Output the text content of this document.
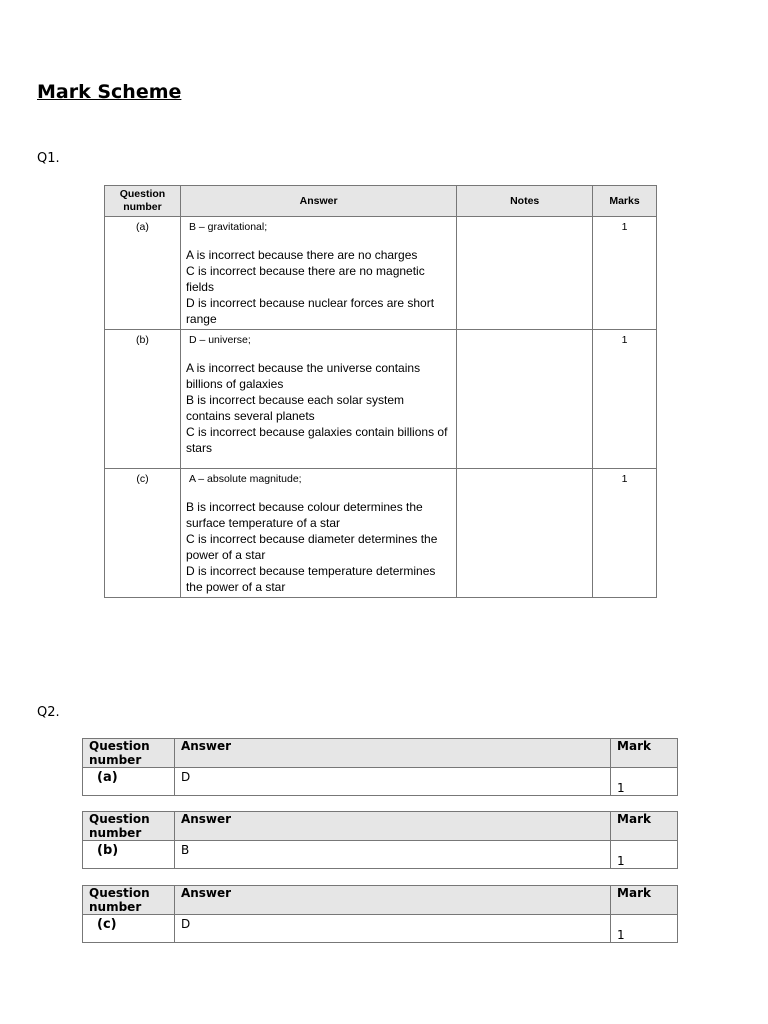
Mark Scheme
Q1.
Question number	Answer	Notes	Marks
(a)	B – gravitational;

A is incorrect because there are no charges

C is incorrect because there are no magnetic fields

D is incorrect because nuclear forces are short range		1
(b)	D – universe;

A is incorrect because the universe contains billions of galaxies

B is incorrect because each solar system contains several planets

C is incorrect because galaxies contain billions of stars		1
(c)	A – absolute magnitude;

B is incorrect because colour determines the surface temperature of a star

C is incorrect because diameter determines the power of a star

D is incorrect because temperature determines the power of a star		1
Q2.
Question number	Answer	Mark
(a)	D	1
Question number	Answer	Mark
(b)	B	1
Question number	Answer	Mark
(c)	D	1
